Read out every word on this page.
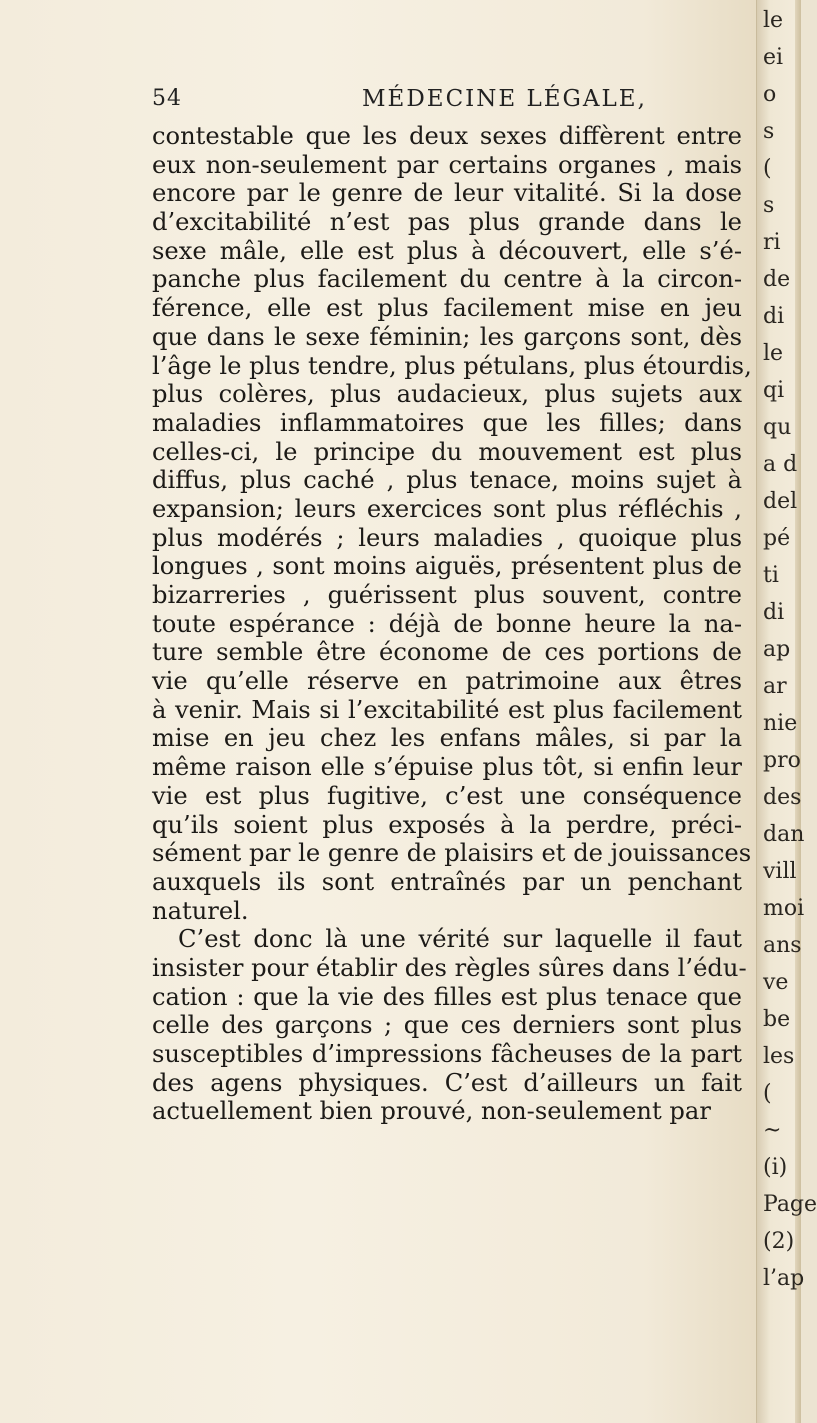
54	MÉDECINE LÉGALE,
contestable que les deux sexes diffèrent entre
eux non-seulement par certains organes , mais
encore par le genre de leur vitalité. Si la dose
d’excitabilité n’est pas plus grande dans le
sexe mâle, elle est plus à découvert, elle s’é-
panche plus facilement du centre à la circon-
férence, elle est plus facilement mise en jeu
que dans le sexe féminin; les garçons sont, dès
l’âge le plus tendre, plus pétulans, plus étourdis,
plus colères, plus audacieux, plus sujets aux
maladies inflammatoires que les filles; dans
celles-ci, le principe du mouvement est plus
diffus, plus caché , plus tenace, moins sujet à
expansion; leurs exercices sont plus réfléchis ,
plus modérés ; leurs maladies , quoique plus
longues , sont moins aiguës, présentent plus de
bizarreries , guérissent plus souvent, contre
toute espérance : déjà de bonne heure la na-
ture semble être économe de ces portions de
vie qu’elle réserve en patrimoine aux êtres
à venir. Mais si l’excitabilité est plus facilement
mise en jeu chez les enfans mâles, si par la
même raison elle s’épuise plus tôt, si enfin leur
vie est plus fugitive, c’est une conséquence
qu’ils soient plus exposés à la perdre, préci-
sément par le genre de plaisirs et de jouissances
auxquels ils sont entraînés par un penchant
naturel.
C’est donc là une vérité sur laquelle il faut
insister pour établir des règles sûres dans l’édu-
cation : que la vie des filles est plus tenace que
celle des garçons ; que ces derniers sont plus
susceptibles d’impressions fâcheuses de la part
des agens physiques. C’est d’ailleurs un fait
actuellement bien prouvé, non-seulement par
le
ei
o
s
(
s
ri
de
di
le
qi
qu
a d
del
pé
ti
di
ap
ar
nie
pro
des
dan
vill
moi
ans
ve
be
les
(
~
(i)
Page
(2)
l’ap
